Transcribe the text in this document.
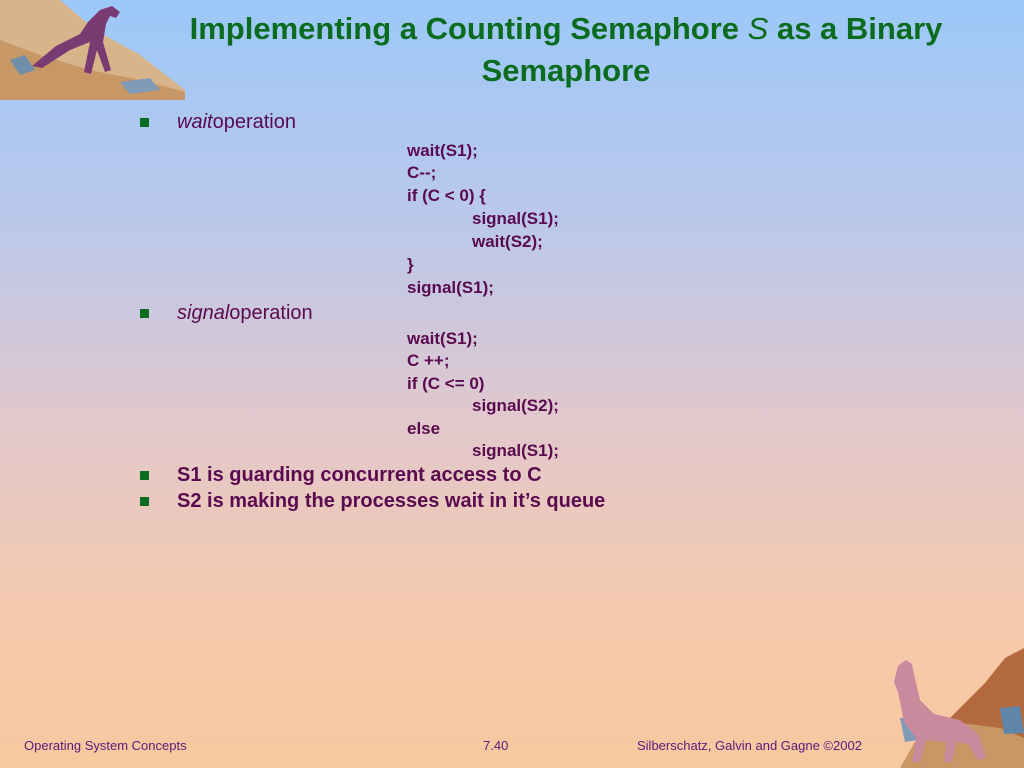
Implementing a Counting Semaphore S as a Binary Semaphore
wait operation
wait(S1);
C--;
if (C < 0) {
signal(S1);
wait(S2);
}
signal(S1);
signal operation
wait(S1);
C ++;
if (C <= 0)
signal(S2);
else
signal(S1);
S1 is guarding concurrent access to C
S2 is making the processes wait in it’s queue
Operating System Concepts	7.40	Silberschatz, Galvin and Gagne ©2002
